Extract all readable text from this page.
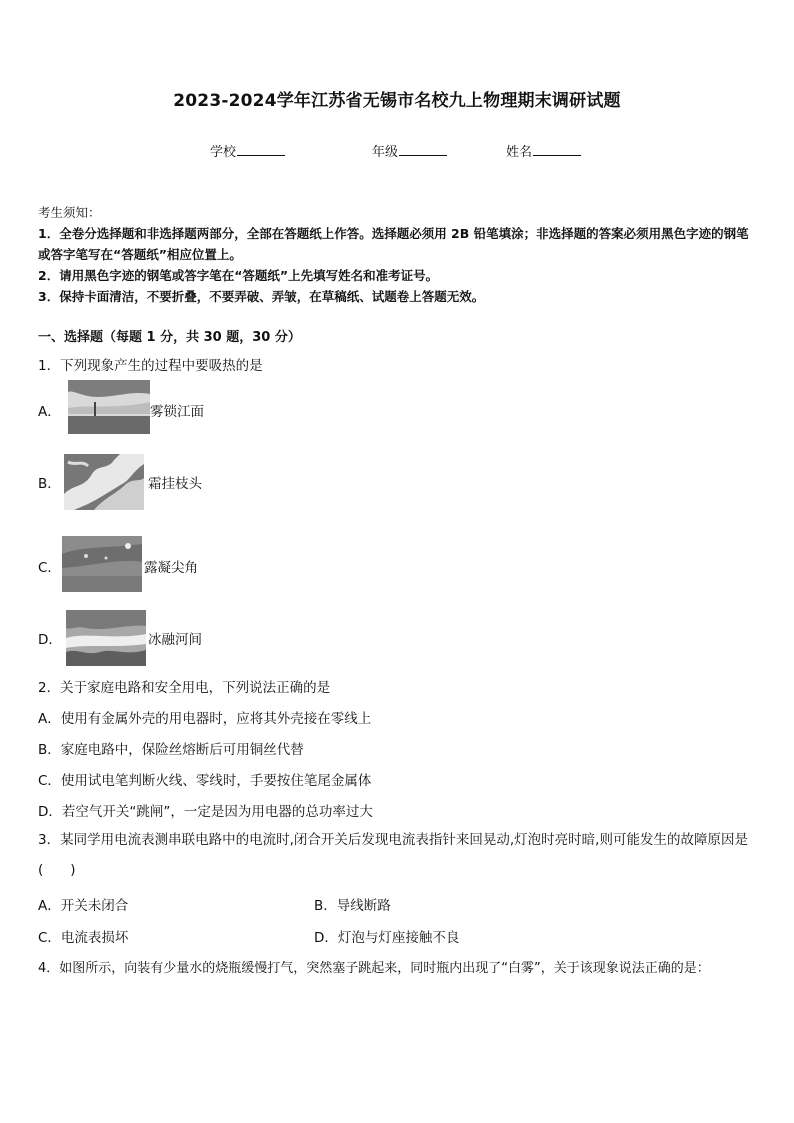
2023-2024学年江苏省无锡市名校九上物理期末调研试题
学校	年级	姓名
考生须知：
1．全卷分选择题和非选择题两部分，全部在答题纸上作答。选择题必须用 2B 铅笔填涂；非选择题的答案必须用黑色字迹的钢笔或答字笔写在“答题纸”相应位置上。
2．请用黑色字迹的钢笔或答字笔在“答题纸”上先填写姓名和准考证号。
3．保持卡面清洁，不要折叠，不要弄破、弄皱，在草稿纸、试题卷上答题无效。
一、选择题（每题 1 分，共 30 题，30 分）
1．下列现象产生的过程中要吸热的是
A．	雾锁江面
B．	霜挂枝头
C．	露凝尖角
D．	冰融河间
2．关于家庭电路和安全用电，下列说法正确的是
A．使用有金属外壳的用电器时，应将其外壳接在零线上
B．家庭电路中，保险丝熔断后可用铜丝代替
C．使用试电笔判断火线、零线时，手要按住笔尾金属体
D．若空气开关“跳闸”，一定是因为用电器的总功率过大
3．某同学用电流表测串联电路中的电流时,闭合开关后发现电流表指针来回晃动,灯泡时亮时暗,则可能发生的故障原因是(　　)
A．开关未闭合	B．导线断路
C．电流表损坏	D．灯泡与灯座接触不良
4．如图所示，向装有少量水的烧瓶缓慢打气，突然塞子跳起来，同时瓶内出现了“白雾”，关于该现象说法正确的是：
